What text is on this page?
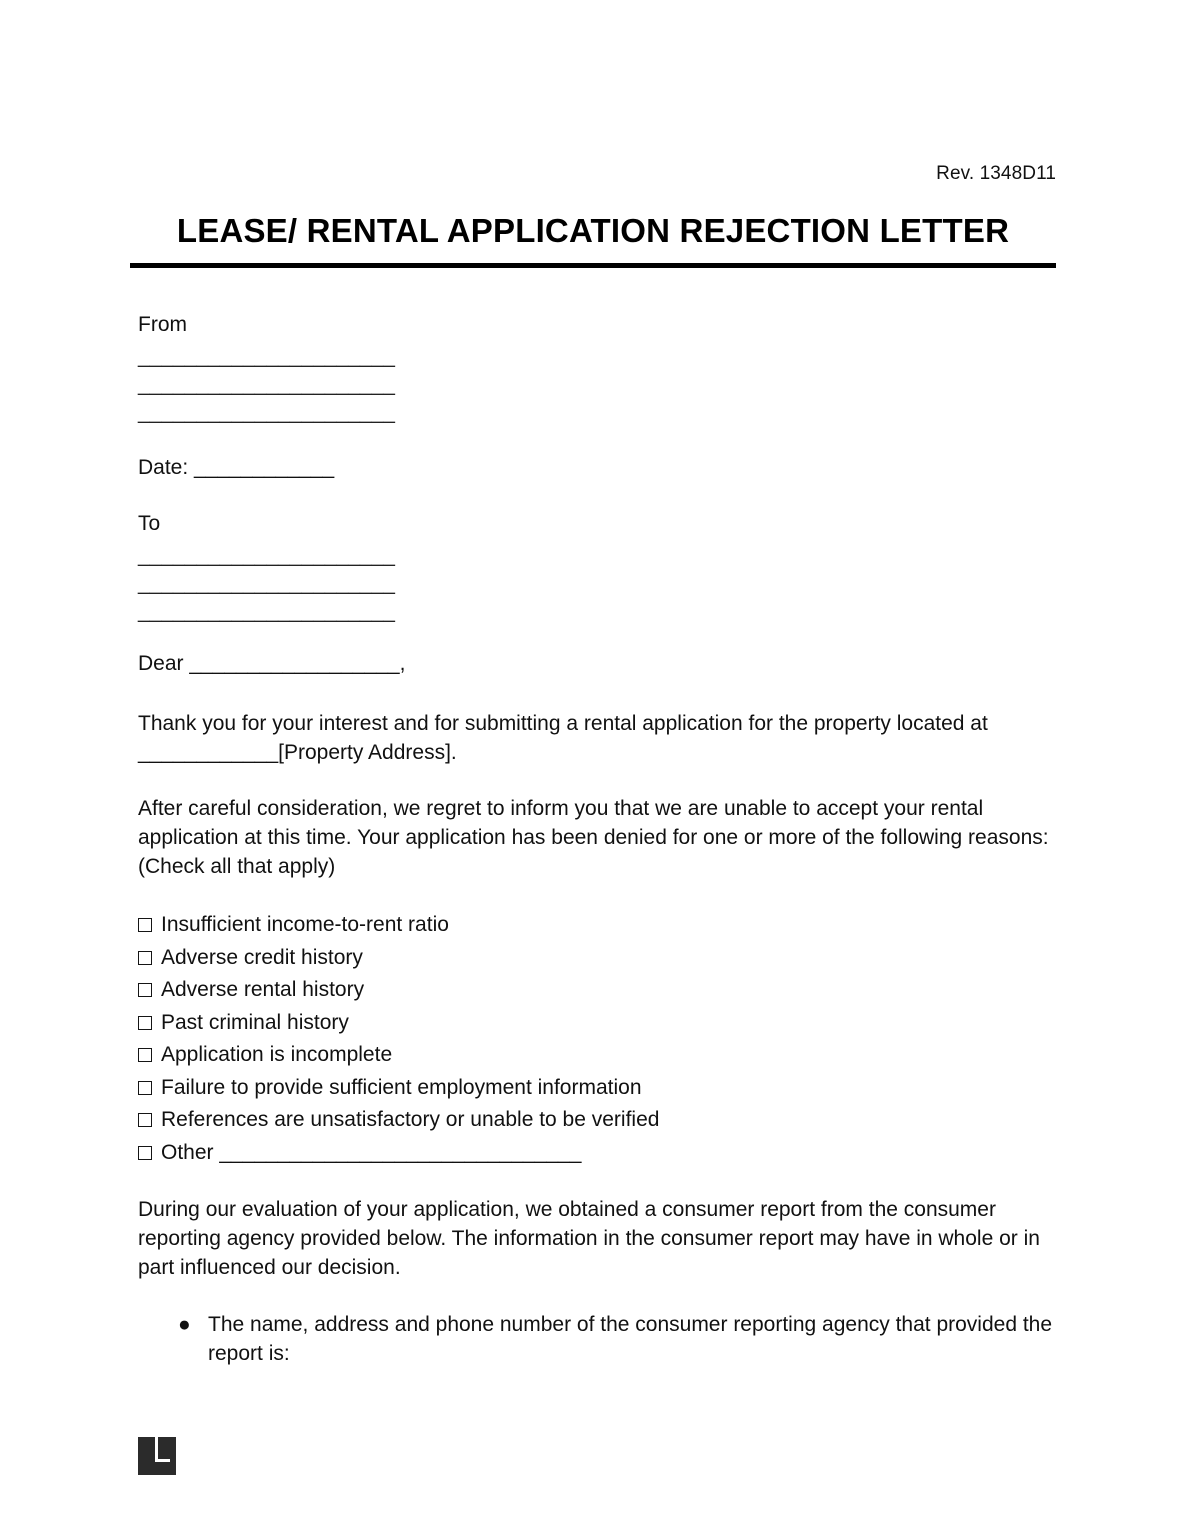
Rev. 1348D11
LEASE/ RENTAL APPLICATION REJECTION LETTER
From
______________________
______________________
______________________
Date: ____________
To
______________________
______________________
______________________
Dear __________________,
Thank you for your interest and for submitting a rental application for the property located at ____________[Property Address].
After careful consideration, we regret to inform you that we are unable to accept your rental application at this time. Your application has been denied for one or more of the following reasons: (Check all that apply)
Insufficient income-to-rent ratio
Adverse credit history
Adverse rental history
Past criminal history
Application is incomplete
Failure to provide sufficient employment information
References are unsatisfactory or unable to be verified
Other _______________________________
During our evaluation of your application, we obtained a consumer report from the consumer reporting agency provided below. The information in the consumer report may have in whole or in part influenced our decision.
● The name, address and phone number of the consumer reporting agency that provided the report is:
